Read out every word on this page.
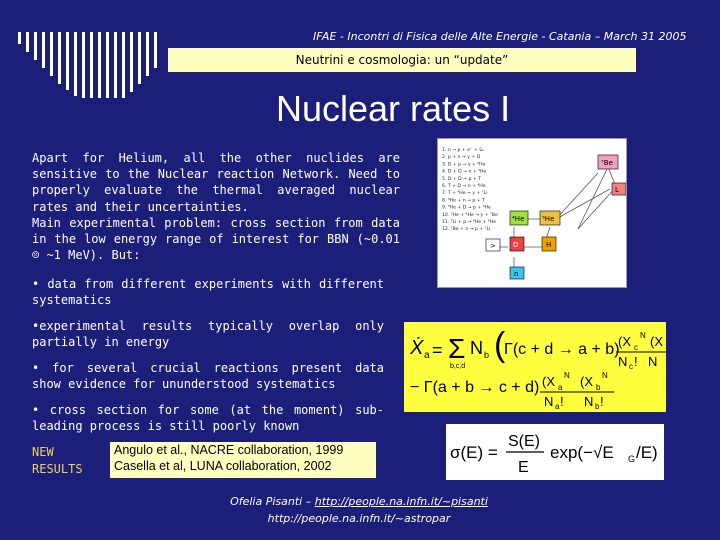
IFAE - Incontri di Fisica delle Alte Energie - Catania – March 31 2005
Neutrini e cosmologia: un “update”
Nuclear rates I

Apart for Helium, all the other nuclides are sensitive to the Nuclear reaction Network. Need to properly evaluate the thermal averaged nuclear rates and their uncertainties.

Main experimental problem: cross section from data in the low energy range of interest for BBN (~0.01 ☹ ~1 MeV). But:

• data from different experiments with different systematics
•experimental results typically overlap only partially in energy
• for several crucial reactions present data show evidence for ununderstood systematics
• cross section for some (at the moment) sub-leading process is still poorly known
NEW
RESULTS
Angulo et al., NACRE collaboration, 1999
Casella et al, LUNA collaboration, 2002
1. n → p + e⁻ + ν̄ₑ
2. p + n → γ + D
3. D + p → γ + ³He
4. D + D → n + ³He
5. D + D → p + T
6. T + D → n + ⁴He
7. T + ⁴He → γ + ⁷Li
8. ³He + n → p + T
9. ³He + D → p + ⁴He
10. ³He + ⁴He → γ + ⁷Be
11. ⁷Li + p → ⁴He + ⁴He
12. ⁷Be + n → p + ⁷Li
⁷Be
L
³He
⁴He
H
D
>
n
Ẋ a = Σ
b,c,d
N b (
Γ(c + d → a + b)
(X c
N (X
N c ! N
− Γ(a + b → c + d) (X a
N (X b
N
N a ! N b !
σ(E) =
S(E)
E
exp(−√E G /E)
Ofelia Pisanti – http://people.na.infn.it/~pisanti
http://people.na.infn.it/~astropar
